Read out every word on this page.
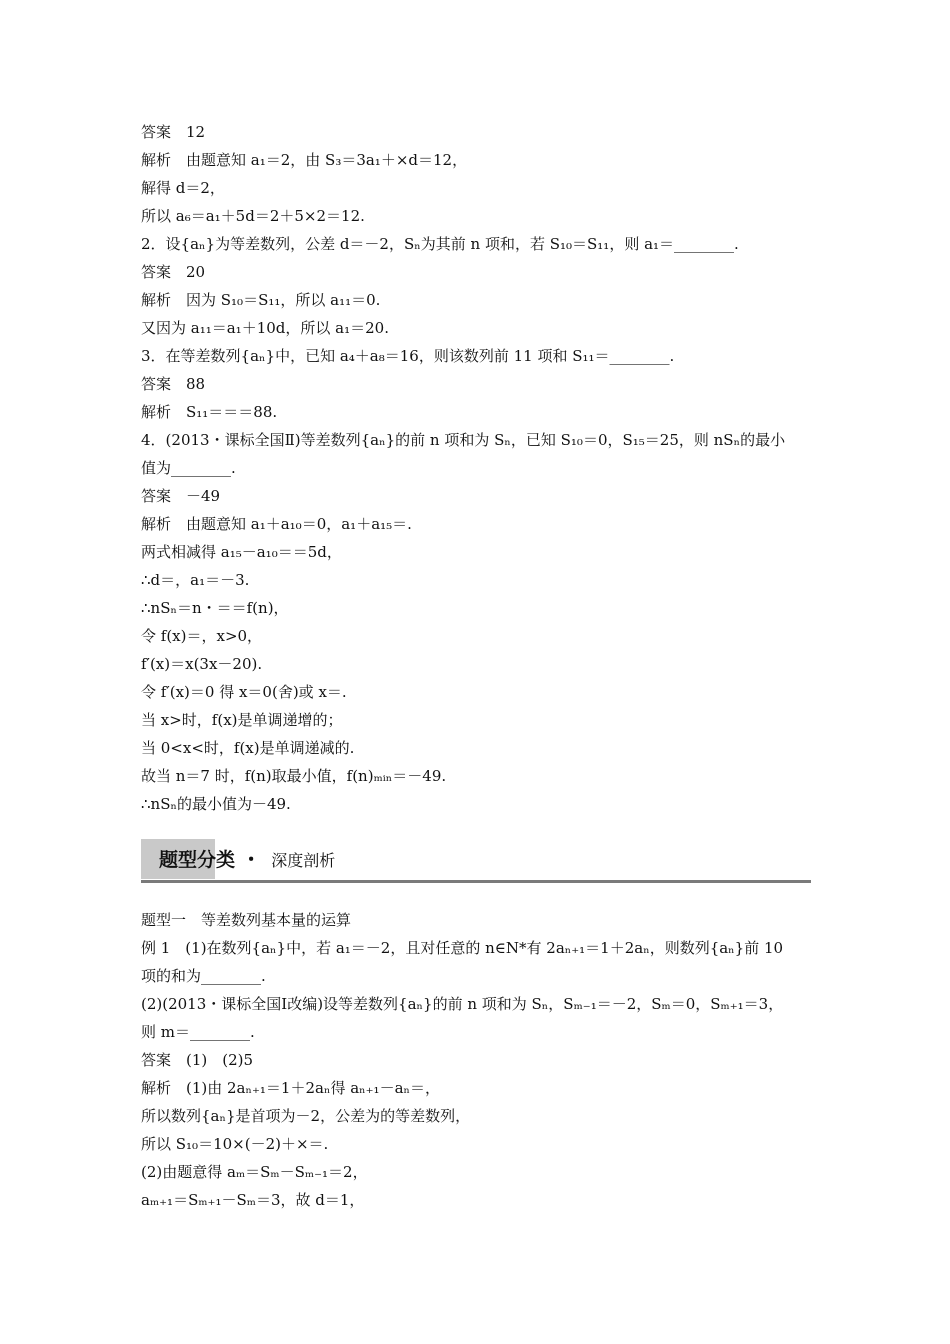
答案　12
解析　由题意知 a₁＝2，由 S₃＝3a₁＋×d＝12，
解得 d＝2，
所以 a₆＝a₁＋5d＝2＋5×2＝12.
2．设{aₙ}为等差数列，公差 d＝－2，Sₙ为其前 n 项和，若 S₁₀＝S₁₁，则 a₁＝________.
答案　20
解析　因为 S₁₀＝S₁₁，所以 a₁₁＝0.
又因为 a₁₁＝a₁＋10d，所以 a₁＝20.
3．在等差数列{aₙ}中，已知 a₄＋a₈＝16，则该数列前 11 项和 S₁₁＝________.
答案　88
解析　S₁₁＝＝＝88.
4．(2013・课标全国Ⅱ)等差数列{aₙ}的前 n 项和为 Sₙ，已知 S₁₀＝0，S₁₅＝25，则 nSₙ的最小
值为________.
答案　－49
解析　由题意知 a₁＋a₁₀＝0，a₁＋a₁₅＝.
两式相减得 a₁₅－a₁₀＝＝5d，
∴d＝，a₁＝－3.
∴nSₙ＝n・＝＝f(n)，
令 f(x)＝，x>0，
f′(x)＝x(3x－20).
令 f′(x)＝0 得 x＝0(舍)或 x＝.
当 x>时，f(x)是单调递增的；
当 0<x<时，f(x)是单调递减的.
故当 n＝7 时，f(n)取最小值，f(n)ₘᵢₙ＝－49.
∴nSₙ的最小值为－49.
题型分类 ・ 深度剖析
题型一　等差数列基本量的运算
例 1　(1)在数列{aₙ}中，若 a₁＝－2，且对任意的 n∈N*有 2aₙ₊₁＝1＋2aₙ，则数列{aₙ}前 10
项的和为________.
(2)(2013・课标全国Ⅰ改编)设等差数列{aₙ}的前 n 项和为 Sₙ，Sₘ₋₁＝－2，Sₘ＝0，Sₘ₊₁＝3，
则 m＝________.
答案　(1)　(2)5
解析　(1)由 2aₙ₊₁＝1＋2aₙ得 aₙ₊₁－aₙ＝，
所以数列{aₙ}是首项为－2，公差为的等差数列，
所以 S₁₀＝10×(－2)＋×＝.
(2)由题意得 aₘ＝Sₘ－Sₘ₋₁＝2，
aₘ₊₁＝Sₘ₊₁－Sₘ＝3，故 d＝1，
